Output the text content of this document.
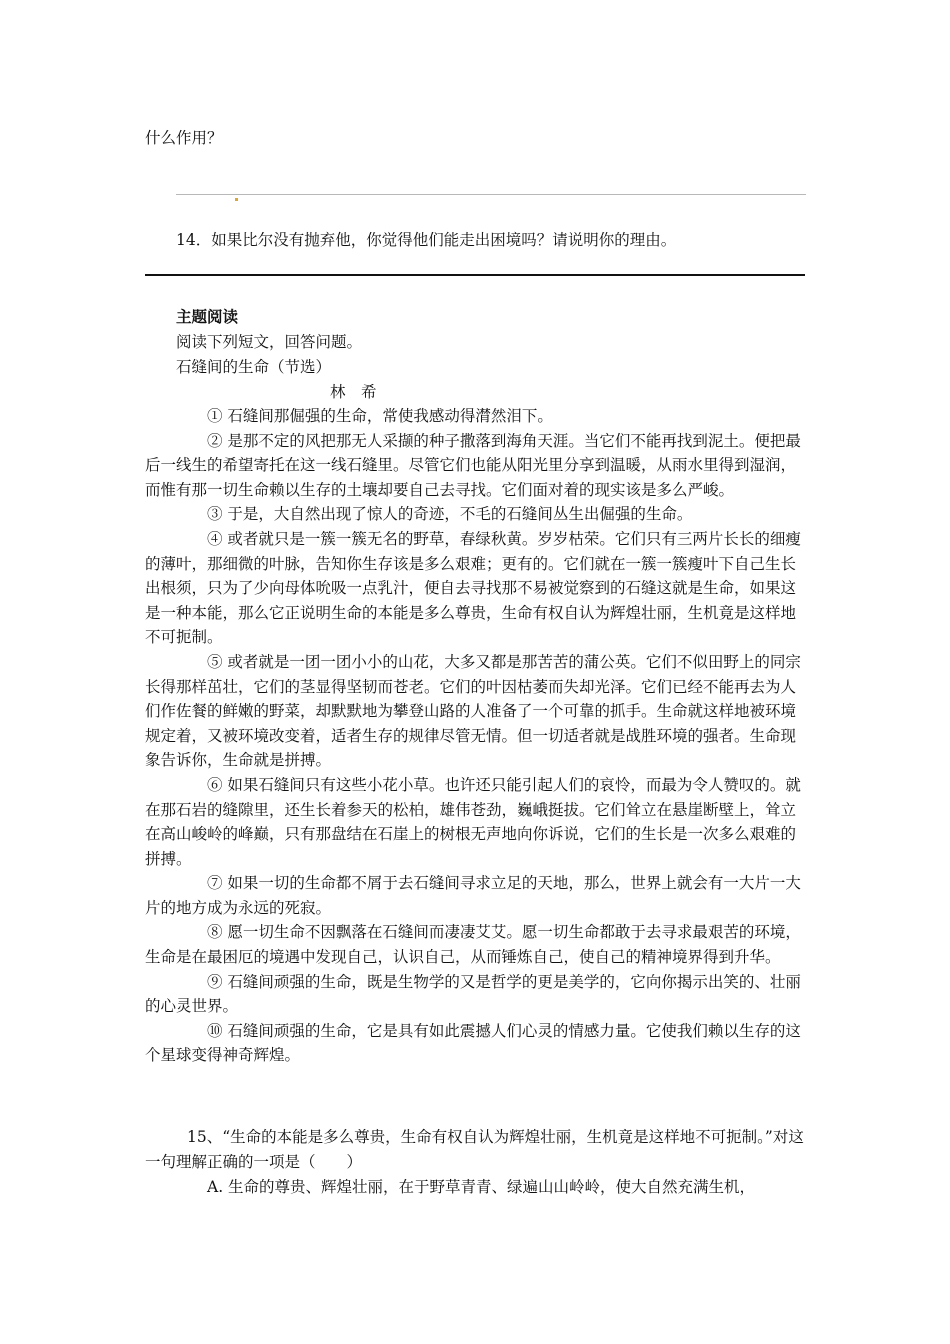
什么作用？
14．如果比尔没有抛弃他，你觉得他们能走出困境吗？请说明你的理由。
主题阅读
阅读下列短文，回答问题。
石缝间的生命（节选）
林　希

① 石缝间那倔强的生命，常使我感动得潸然泪下。

② 是那不定的风把那无人采撷的种子撒落到海角天涯。当它们不能再找到泥土。便把最后一线生的希望寄托在这一线石缝里。尽管它们也能从阳光里分享到温暖，从雨水里得到湿润，而惟有那一切生命赖以生存的土壤却要自己去寻找。它们面对着的现实该是多么严峻。

③ 于是，大自然出现了惊人的奇迹，不毛的石缝间丛生出倔强的生命。

④ 或者就只是一簇一簇无名的野草，春绿秋黄。岁岁枯荣。它们只有三两片长长的细瘦的薄叶，那细微的叶脉，告知你生存该是多么艰难；更有的。它们就在一簇一簇瘦叶下自己生长出根须，只为了少向母体吮吸一点乳汁，便自去寻找那不易被觉察到的石缝这就是生命，如果这是一种本能，那么它正说明生命的本能是多么尊贵，生命有权自认为辉煌壮丽，生机竟是这样地不可扼制。

⑤ 或者就是一团一团小小的山花，大多又都是那苦苦的蒲公英。它们不似田野上的同宗长得那样茁壮，它们的茎显得坚韧而苍老。它们的叶因枯萎而失却光泽。它们已经不能再去为人们作佐餐的鲜嫩的野菜，却默默地为攀登山路的人准备了一个可靠的抓手。生命就这样地被环境规定着，又被环境改变着，适者生存的规律尽管无情。但一切适者就是战胜环境的强者。生命现象告诉你，生命就是拼搏。

⑥ 如果石缝间只有这些小花小草。也许还只能引起人们的哀怜，而最为令人赞叹的。就在那石岩的缝隙里，还生长着参天的松柏，雄伟苍劲，巍峨挺拔。它们耸立在悬崖断壁上，耸立在高山峻岭的峰巅，只有那盘结在石崖上的树根无声地向你诉说，它们的生长是一次多么艰难的拼搏。

⑦ 如果一切的生命都不屑于去石缝间寻求立足的天地，那么，世界上就会有一大片一大片的地方成为永远的死寂。

⑧ 愿一切生命不因飘落在石缝间而凄凄艾艾。愿一切生命都敢于去寻求最艰苦的环境，生命是在最困厄的境遇中发现自己，认识自己，从而锤炼自己，使自己的精神境界得到升华。

⑨ 石缝间顽强的生命，既是生物学的又是哲学的更是美学的，它向你揭示出笑的、壮丽的心灵世界。

⑩ 石缝间顽强的生命，它是具有如此震撼人们心灵的情感力量。它使我们赖以生存的这个星球变得神奇辉煌。

15、“生命的本能是多么尊贵，生命有权自认为辉煌壮丽，生机竟是这样地不可扼制。”对这一句理解正确的一项是（　　）

A. 生命的尊贵、辉煌壮丽，在于野草青青、绿遍山山岭岭，使大自然充满生机，
